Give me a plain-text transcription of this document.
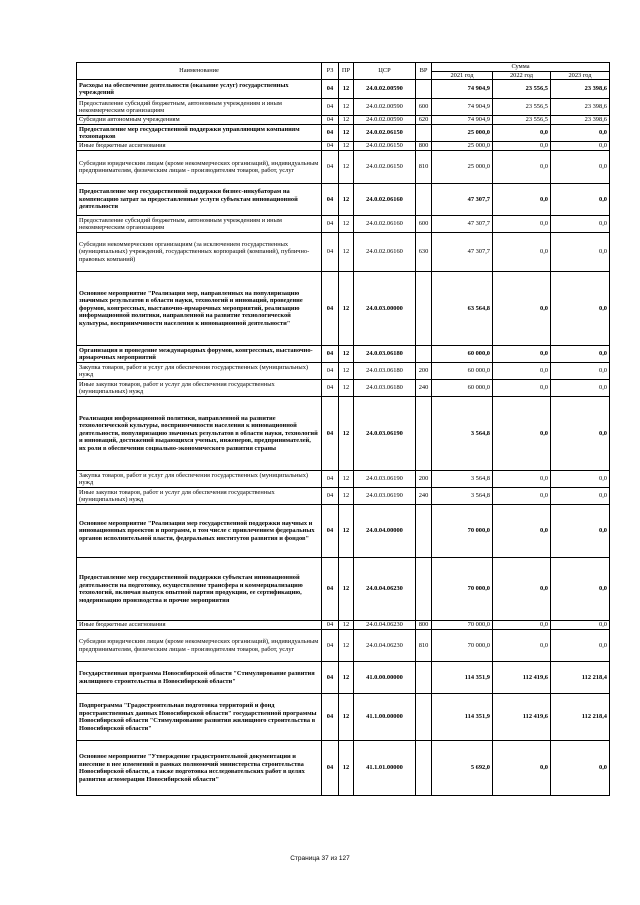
Наименование	РЗ	ПР	ЦСР	ВР	Сумма		
					2021 год	2022 год	2023 год
Расходы на обеспечение деятельности (оказание услуг) государственных учреждений	04	12	24.0.02.00590		74 904,9	23 556,5	23 398,6
Предоставление субсидий бюджетным, автономным учреждениям и иным некоммерческим организациям	04	12	24.0.02.00590	600	74 904,9	23 556,5	23 398,6
Субсидии автономным учреждениям	04	12	24.0.02.00590	620	74 904,9	23 556,5	23 398,6
Предоставление мер государственной поддержки управляющим компаниям технопарков	04	12	24.0.02.06150		25 000,0	0,0	0,0
Иные бюджетные ассигнования	04	12	24.0.02.06150	800	25 000,0	0,0	0,0
Субсидии юридическим лицам (кроме некоммерческих организаций), индивидуальным предпринимателям, физическим лицам - производителям товаров, работ, услуг	04	12	24.0.02.06150	810	25 000,0	0,0	0,0
Предоставление мер государственной поддержки бизнес-инкубаторам на компенсацию затрат за предоставленные услуги субъектам инновационной деятельности	04	12	24.0.02.06160		47 307,7	0,0	0,0
Предоставление субсидий бюджетным, автономным учреждениям и иным некоммерческим организациям	04	12	24.0.02.06160	600	47 307,7	0,0	0,0
Субсидии некоммерческим организациям (за исключением государственных (муниципальных) учреждений, государственных корпораций (компаний), публично-правовых компаний)	04	12	24.0.02.06160	630	47 307,7	0,0	0,0
Основное мероприятие "Реализация мер, направленных на популяризацию значимых результатов в области науки, технологий и инноваций, проведение форумов, конгрессных, выставочно-ярмарочных мероприятий, реализацию информационной политики, направленной на развитие технологической культуры, восприимчивости населения к инновационной деятельности"	04	12	24.0.03.00000		63 564,8	0,0	0,0
Организация и проведение международных форумов, конгрессных, выставочно-ярмарочных мероприятий	04	12	24.0.03.06180		60 000,0	0,0	0,0
Закупка товаров, работ и услуг для обеспечения государственных (муниципальных) нужд	04	12	24.0.03.06180	200	60 000,0	0,0	0,0
Иные закупки товаров, работ и услуг для обеспечения государственных (муниципальных) нужд	04	12	24.0.03.06180	240	60 000,0	0,0	0,0
Реализация информационной политики, направленной на развитие технологической культуры, восприимчивости населения к инновационной деятельности, популяризацию значимых результатов в области науки, технологий и инноваций, достижений выдающихся ученых, инженеров, предпринимателей, их роли в обеспечении социально-экономического развития страны	04	12	24.0.03.06190		3 564,8	0,0	0,0
Закупка товаров, работ и услуг для обеспечения государственных (муниципальных) нужд	04	12	24.0.03.06190	200	3 564,8	0,0	0,0
Иные закупки товаров, работ и услуг для обеспечения государственных (муниципальных) нужд	04	12	24.0.03.06190	240	3 564,8	0,0	0,0
Основное мероприятие "Реализация мер государственной поддержки научных и инновационных проектов и программ, в том числе с привлечением федеральных органов исполнительной власти, федеральных институтов развития и фондов"	04	12	24.0.04.00000		70 000,0	0,0	0,0
Предоставление мер государственной поддержки субъектам инновационной деятельности на подготовку, осуществление трансфера и коммерциализацию технологий, включая выпуск опытной партии продукции, ее сертификацию, модернизацию производства и прочие мероприятия	04	12	24.0.04.06230		70 000,0	0,0	0,0
Иные бюджетные ассигнования	04	12	24.0.04.06230	800	70 000,0	0,0	0,0
Субсидии юридическим лицам (кроме некоммерческих организаций), индивидуальным предпринимателям, физическим лицам - производителям товаров, работ, услуг	04	12	24.0.04.06230	810	70 000,0	0,0	0,0
Государственная программа Новосибирской области "Стимулирование развития жилищного строительства в Новосибирской области"	04	12	41.0.00.00000		114 351,9	112 419,6	112 218,4
Подпрограмма "Градостроительная подготовка территорий и фонд пространственных данных Новосибирской области" государственной программы Новосибирской области "Стимулирование развития жилищного строительства в Новосибирской области"	04	12	41.1.00.00000		114 351,9	112 419,6	112 218,4
Основное мероприятие "Утверждение градостроительной документации и внесение в нее изменений в рамках полномочий министерства строительства Новосибирской области, а также подготовка исследовательских работ в целях развития агломерации Новосибирской области"	04	12	41.1.01.00000		5 692,0	0,0	0,0
Страница 37 из 127
